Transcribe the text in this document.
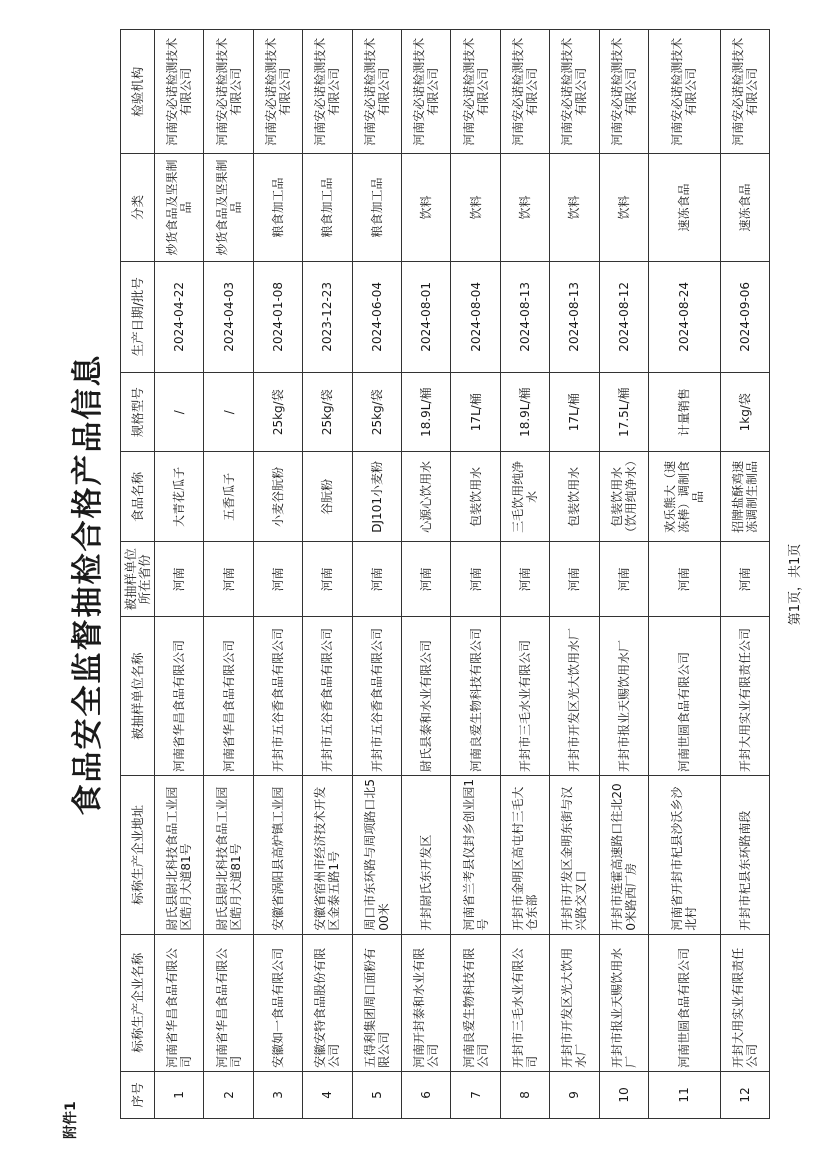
附件1
食品安全监督抽检合格产品信息
序号	标称生产企业名称	标称生产企业地址	被抽样单位名称	被抽样单位所在省份	食品名称	规格型号	生产日期/批号	分类	检验机构
1	河南省华昌食品有限公司	尉氏县尉北科技食品工业园区皓月大道81号	河南省华昌食品有限公司	河南	大青花瓜子	/	2024-04-22	炒货食品及坚果制品	河南安必诺检测技术有限公司
2	河南省华昌食品有限公司	尉氏县尉北科技食品工业园区皓月大道81号	河南省华昌食品有限公司	河南	五香瓜子	/	2024-04-03	炒货食品及坚果制品	河南安必诺检测技术有限公司
3	安徽如一食品有限公司	安徽省涡阳县高炉镇工业园	开封市五谷香食品有限公司	河南	小麦谷朊粉	25kg/袋	2024-01-08	粮食加工品	河南安必诺检测技术有限公司
4	安徽安特食品股份有限公司	安徽省宿州市经济技术开发区金泰五路1号	开封市五谷香食品有限公司	河南	谷朊粉	25kg/袋	2023-12-23	粮食加工品	河南安必诺检测技术有限公司
5	五得利集团周口面粉有限公司	周口市东环路与周项路口北500米	开封市五谷香食品有限公司	河南	DJ101小麦粉	25kg/袋	2024-06-04	粮食加工品	河南安必诺检测技术有限公司
6	河南开封泰和水业有限公司	开封尉氏东开发区	尉氏县泰和水业有限公司	河南	心源心饮用水	18.9L/桶	2024-08-01	饮料	河南安必诺检测技术有限公司
7	河南良爱生物科技有限公司	河南省兰考县仪封乡创业园1号	河南良爱生物科技有限公司	河南	包装饮用水	17L/桶	2024-08-04	饮料	河南安必诺检测技术有限公司
8	开封市三毛水业有限公司	开封市金明区高屯村三毛大仓东部	开封市三毛水业有限公司	河南	三毛饮用纯净水	18.9L/桶	2024-08-13	饮料	河南安必诺检测技术有限公司
9	开封市开发区光大饮用水厂	开封市开发区金明东街与汉兴路交叉口	开封市开发区光大饮用水厂	河南	包装饮用水	17L/桶	2024-08-13	饮料	河南安必诺检测技术有限公司
10	开封市报业天赐饮用水厂	开封市连霍高速路口往北200米路西厂房	开封市报业天赐饮用水厂	河南	包装饮用水（饮用纯净水）	17.5L/桶	2024-08-12	饮料	河南安必诺检测技术有限公司
11	河南世圆食品有限公司	河南省开封市杞县沙沃乡沙北村	河南世圆食品有限公司	河南	欢乐熊大（速冻棒）调制食品	计量销售	2024-08-24	速冻食品	河南安必诺检测技术有限公司
12	开封大用实业有限责任公司	开封市杞县东环路南段	开封大用实业有限责任公司	河南	招牌盐酥鸡速冻调制生制品	1kg/袋	2024-09-06	速冻食品	河南安必诺检测技术有限公司
第1页，共1页
